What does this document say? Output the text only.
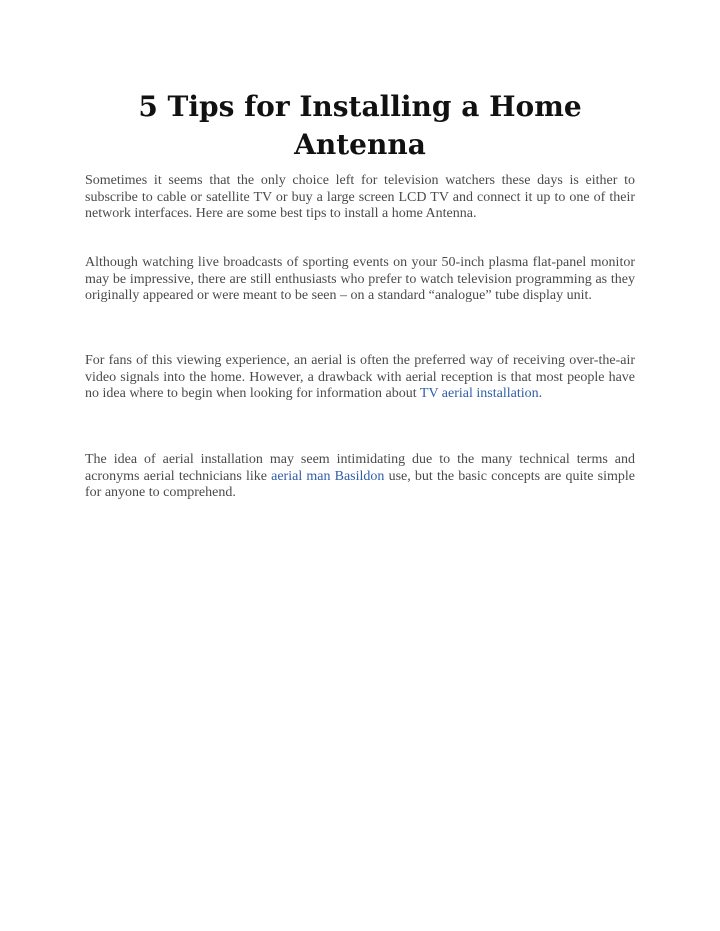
5 Tips for Installing a Home Antenna

Sometimes it seems that the only choice left for television watchers these days is either to subscribe to cable or satellite TV or buy a large screen LCD TV and connect it up to one of their network interfaces. Here are some best tips to install a home Antenna.

Although watching live broadcasts of sporting events on your 50-inch plasma flat-panel monitor may be impressive, there are still enthusiasts who prefer to watch television programming as they originally appeared or were meant to be seen – on a standard “analogue” tube display unit.

For fans of this viewing experience, an aerial is often the preferred way of receiving over-the-air video signals into the home. However, a drawback with aerial reception is that most people have no idea where to begin when looking for information about TV aerial installation.

The idea of aerial installation may seem intimidating due to the many technical terms and acronyms aerial technicians like aerial man Basildon use, but the basic concepts are quite simple for anyone to comprehend.
